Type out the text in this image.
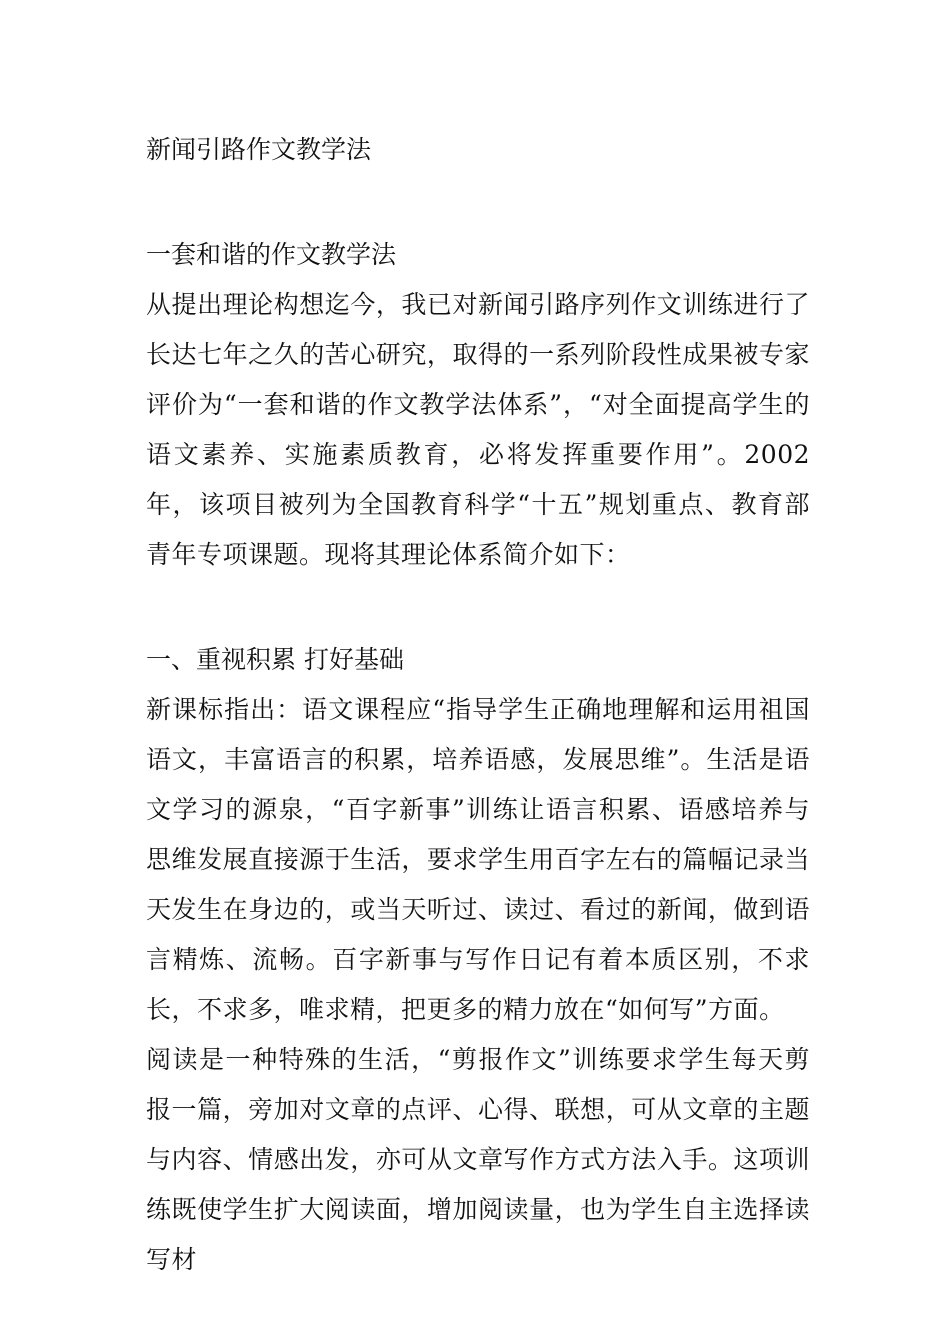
新闻引路作文教学法
一套和谐的作文教学法

从提出理论构想迄今，我已对新闻引路序列作文训练进行了长达七年之久的苦心研究，取得的一系列阶段性成果被专家评价为“一套和谐的作文教学法体系”，“对全面提高学生的语文素养、实施素质教育，必将发挥重要作用”。2002年，该项目被列为全国教育科学“十五”规划重点、教育部青年专项课题。现将其理论体系简介如下：

一、重视积累 打好基础

新课标指出：语文课程应“指导学生正确地理解和运用祖国语文，丰富语言的积累，培养语感，发展思维”。生活是语文学习的源泉，“百字新事”训练让语言积累、语感培养与思维发展直接源于生活，要求学生用百字左右的篇幅记录当天发生在身边的，或当天听过、读过、看过的新闻，做到语言精炼、流畅。百字新事与写作日记有着本质区别，不求长，不求多，唯求精，把更多的精力放在“如何写”方面。

阅读是一种特殊的生活，“剪报作文”训练要求学生每天剪报一篇，旁加对文章的点评、心得、联想，可从文章的主题与内容、情感出发，亦可从文章写作方式方法入手。这项训练既使学生扩大阅读面，增加阅读量，也为学生自主选择读写材
